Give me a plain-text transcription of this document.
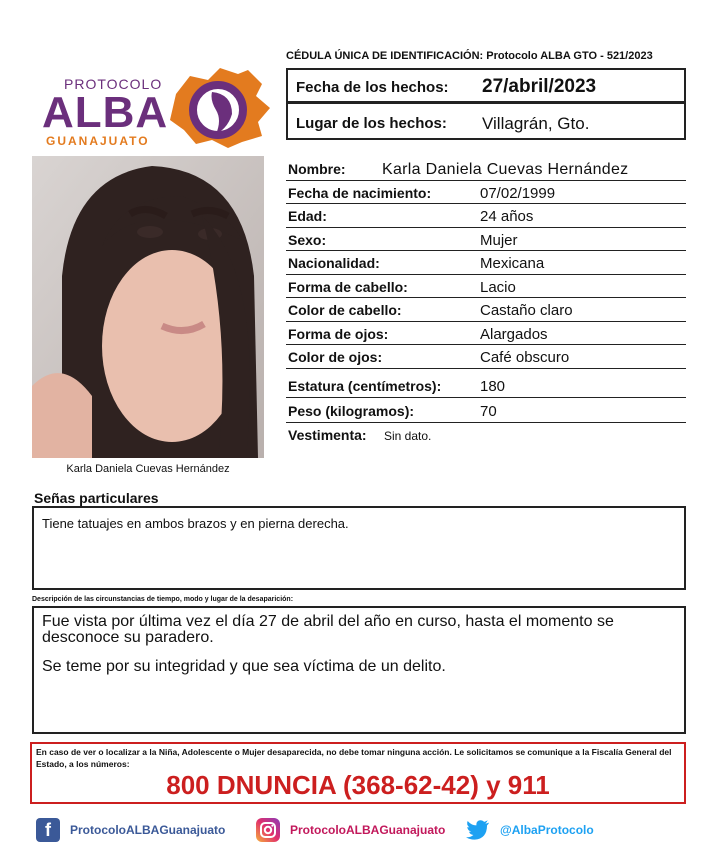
PROTOCOLO
ALBA
GUANAJUATO
CÉDULA ÚNICA DE IDENTIFICACIÓN: Protocolo ALBA GTO - 521/2023
Fecha de los hechos: 27/abril/2023
Lugar de los hechos: Villagrán, Gto.
Karla Daniela Cuevas Hernández
Nombre: Karla Daniela Cuevas Hernández
Fecha de nacimiento:	07/02/1999
Edad:	24 años
Sexo:	Mujer
Nacionalidad:	Mexicana
Forma de cabello:	Lacio
Color de cabello:	Castaño claro
Forma de ojos:	Alargados
Color de ojos:	Café obscuro
Estatura (centímetros):	180
Peso (kilogramos):	70
Vestimenta: Sin dato.
Señas particulares
Tiene tatuajes en ambos brazos y en pierna derecha.
Descripción de las circunstancias de tiempo, modo y lugar de la desaparición:
Fue vista por última vez el día 27 de abril del año en curso, hasta el momento se desconoce su paradero.
Se teme por su integridad y que sea víctima de un delito.
En caso de ver o localizar a la Niña, Adolescente o Mujer desaparecida, no debe tomar ninguna acción. Le solicitamos se comunique a la Fiscalía General del Estado, a los números:
800 DNUNCIA (368-62-42) y 911
f	ProtocoloALBAGuanajuato	ProtocoloALBAGuanajuato	@AlbaProtocolo
